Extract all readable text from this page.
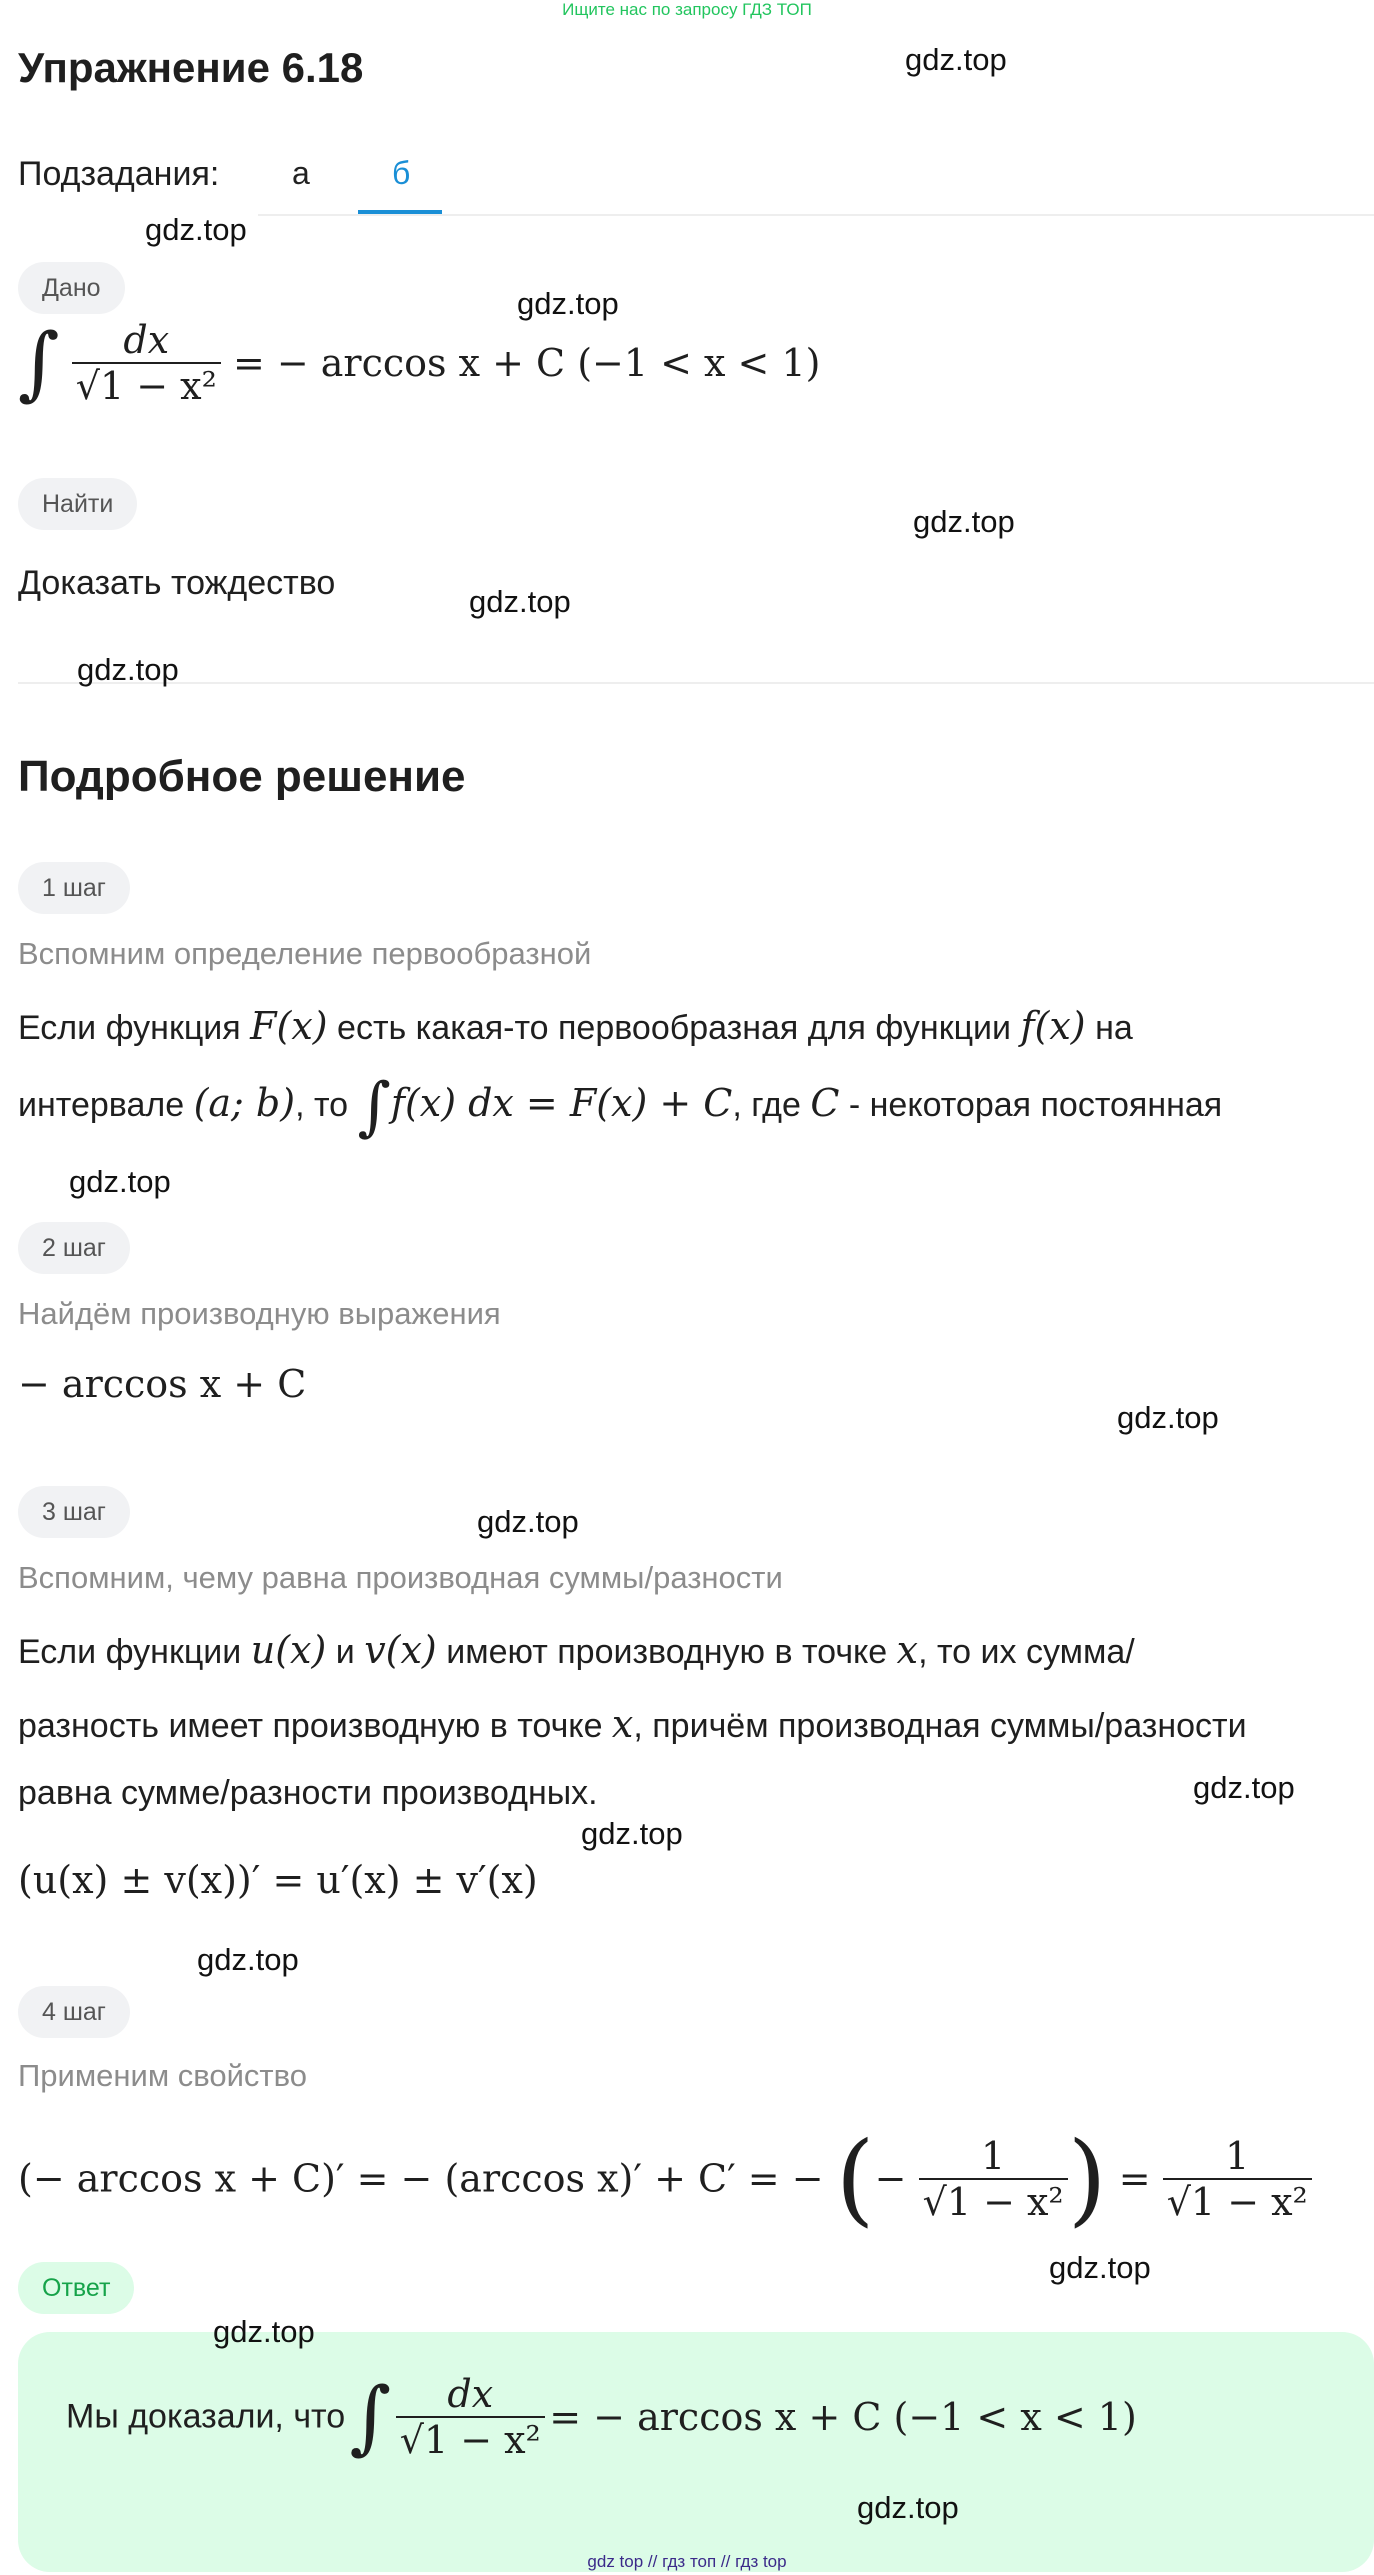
Ищите нас по запросу ГДЗ ТОП
Упражнение 6.18
Подзадания: а	б
Дано
∫ $\frac{dx}{\text{√1 − x²}}$ = − arccos x + C (−1 < x < 1)
Найти
Доказать тождество
Подробное решение
1 шаг
Вспомним определение первообразной
Если функция F(x) есть какая-то первообразная для функции f(x) на
интервале (a; b), то ∫f(x) dx = F(x) + C, где C - некоторая постоянная
2 шаг
Найдём производную выражения
− arccos x + C
3 шаг
Вспомним, чему равна производная суммы/разности
Если функции u(x) и v(x) имеют производную в точке x, то их сумма/
разность имеет производную в точке x, причём производная суммы/разности
равна сумме/разности производных.
(u(x) ± v(x))′ = u′(x) ± v′(x)
4 шаг
Применим свойство
(− arccos x + C)′ = − (arccos x)′ + C′ = − (− $\frac{1}{\text{√1 − x²}}$ ) = $\frac{1}{\text{√1 − x²}}$
Ответ
Мы доказали, что ∫ $\frac{dx}{\text{√1 − x²}}$ = − arccos x + C (−1 < x < 1)
gdz.top
gdz.top
gdz.top
gdz.top
gdz.top
gdz.top
gdz.top
gdz.top
gdz.top
gdz.top
gdz.top
gdz.top
gdz.top
gdz.top
gdz.top
gdz top // гдз топ // гдз top
